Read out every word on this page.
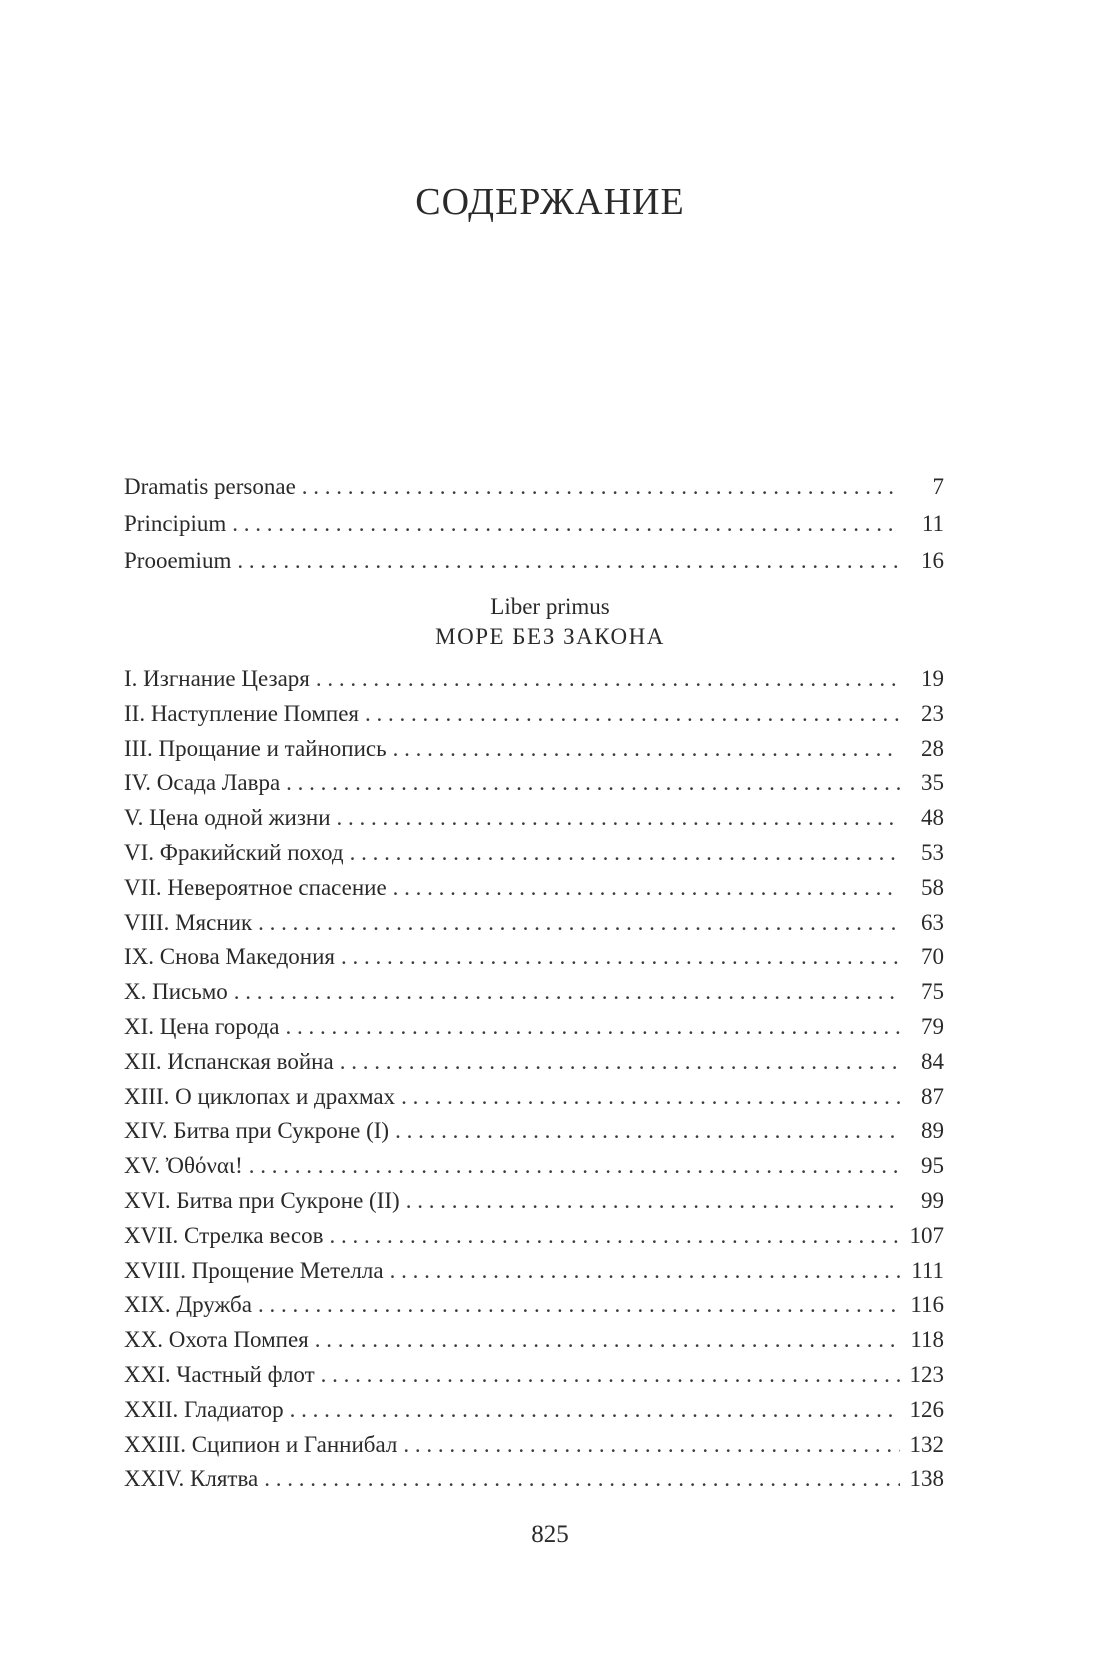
СОДЕРЖАНИЕ
Dramatis personae . . .	7
Principium . . .	11
Prooemium . . .	16
Liber primus
МОРЕ БЕЗ ЗАКОНА
I. Изгнание Цезаря . . .	19
II. Наступление Помпея . . .	23
III. Прощание и тайнопись . . .	28
IV. Осада Лавра . . .	35
V. Цена одной жизни . . .	48
VI. Фракийский поход . . .	53
VII. Невероятное спасение . . .	58
VIII. Мясник . . .	63
IX. Снова Македония . . .	70
X. Письмо . . .	75
XI. Цена города . . .	79
XII. Испанская война . . .	84
XIII. О циклопах и драхмах . . .	87
XIV. Битва при Сукроне (I) . . .	89
XV. Ὀθόναι! . . .	95
XVI. Битва при Сукроне (II) . . .	99
XVII. Стрелка весов . . .	107
XVIII. Прощение Метелла . . .	111
XIX. Дружба . . .	116
XX. Охота Помпея . . .	118
XXI. Частный флот . . .	123
XXII. Гладиатор . . .	126
XXIII. Сципион и Ганнибал . . .	132
XXIV. Клятва . . .	138
825
